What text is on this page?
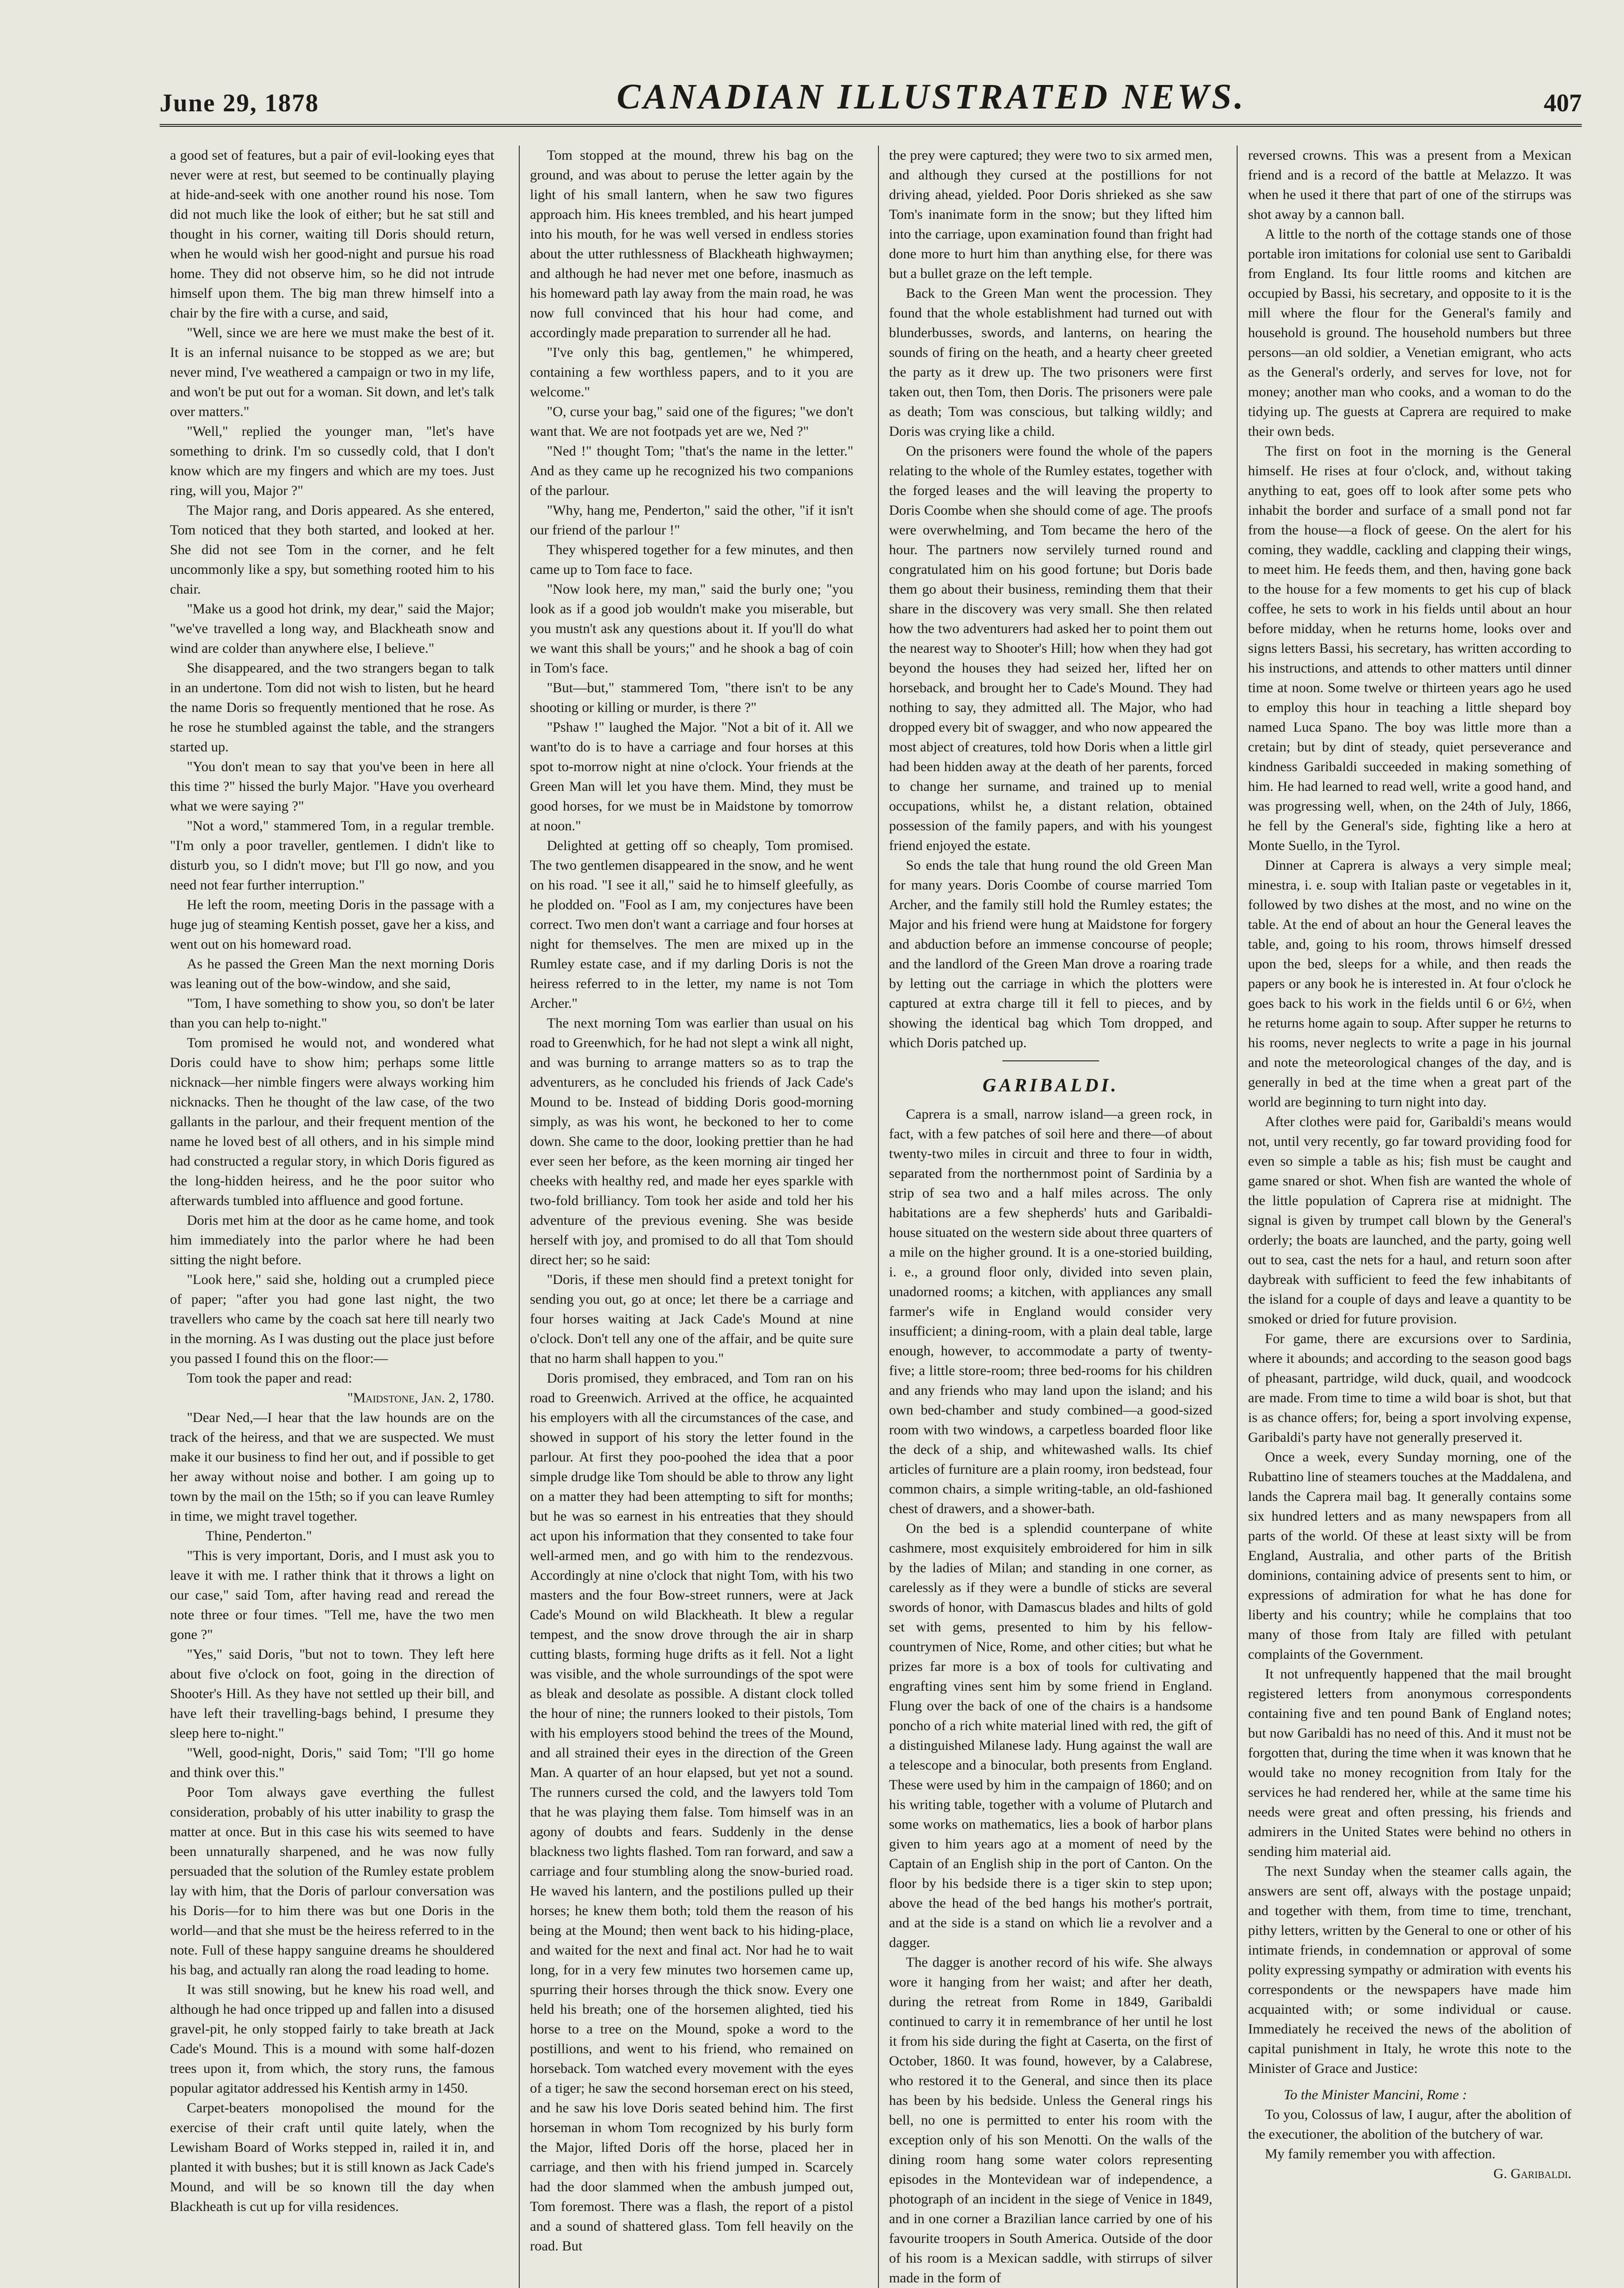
June 29, 1878	CANADIAN ILLUSTRATED NEWS.	407

a good set of features, but a pair of evil-looking eyes that never were at rest, but seemed to be continually playing at hide-and-seek with one another round his nose. Tom did not much like the look of either; but he sat still and thought in his corner, waiting till Doris should return, when he would wish her good-night and pursue his road home. They did not observe him, so he did not intrude himself upon them. The big man threw himself into a chair by the fire with a curse, and said,

"Well, since we are here we must make the best of it. It is an infernal nuisance to be stopped as we are; but never mind, I've weathered a campaign or two in my life, and won't be put out for a woman. Sit down, and let's talk over matters."

"Well," replied the younger man, "let's have something to drink. I'm so cussedly cold, that I don't know which are my fingers and which are my toes. Just ring, will you, Major ?"

The Major rang, and Doris appeared. As she entered, Tom noticed that they both started, and looked at her. She did not see Tom in the corner, and he felt uncommonly like a spy, but something rooted him to his chair.

"Make us a good hot drink, my dear," said the Major; "we've travelled a long way, and Blackheath snow and wind are colder than anywhere else, I believe."

She disappeared, and the two strangers began to talk in an undertone. Tom did not wish to listen, but he heard the name Doris so frequently mentioned that he rose. As he rose he stumbled against the table, and the strangers started up.

"You don't mean to say that you've been in here all this time ?" hissed the burly Major. "Have you overheard what we were saying ?"

"Not a word," stammered Tom, in a regular tremble. "I'm only a poor traveller, gentlemen. I didn't like to disturb you, so I didn't move; but I'll go now, and you need not fear further interruption."

He left the room, meeting Doris in the passage with a huge jug of steaming Kentish posset, gave her a kiss, and went out on his homeward road.

As he passed the Green Man the next morning Doris was leaning out of the bow-window, and she said,

"Tom, I have something to show you, so don't be later than you can help to-night."

Tom promised he would not, and wondered what Doris could have to show him; perhaps some little nicknack—her nimble fingers were always working him nicknacks. Then he thought of the law case, of the two gallants in the parlour, and their frequent mention of the name he loved best of all others, and in his simple mind had constructed a regular story, in which Doris figured as the long-hidden heiress, and he the poor suitor who afterwards tumbled into affluence and good fortune.

Doris met him at the door as he came home, and took him immediately into the parlor where he had been sitting the night before.

"Look here," said she, holding out a crumpled piece of paper; "after you had gone last night, the two travellers who came by the coach sat here till nearly two in the morning. As I was dusting out the place just before you passed I found this on the floor:—

Tom took the paper and read:

"Maidstone, Jan. 2, 1780.

"Dear Ned,—I hear that the law hounds are on the track of the heiress, and that we are suspected. We must make it our business to find her out, and if possible to get her away without noise and bother. I am going up to town by the mail on the 15th; so if you can leave Rumley in time, we might travel together.

Thine, Penderton."

"This is very important, Doris, and I must ask you to leave it with me. I rather think that it throws a light on our case," said Tom, after having read and reread the note three or four times. "Tell me, have the two men gone ?"

"Yes," said Doris, "but not to town. They left here about five o'clock on foot, going in the direction of Shooter's Hill. As they have not settled up their bill, and have left their travelling-bags behind, I presume they sleep here to-night."

"Well, good-night, Doris," said Tom; "I'll go home and think over this."

Poor Tom always gave everthing the fullest consideration, probably of his utter inability to grasp the matter at once. But in this case his wits seemed to have been unnaturally sharpened, and he was now fully persuaded that the solution of the Rumley estate problem lay with him, that the Doris of parlour conversation was his Doris—for to him there was but one Doris in the world—and that she must be the heiress referred to in the note. Full of these happy sanguine dreams he shouldered his bag, and actually ran along the road leading to home.

It was still snowing, but he knew his road well, and although he had once tripped up and fallen into a disused gravel-pit, he only stopped fairly to take breath at Jack Cade's Mound. This is a mound with some half-dozen trees upon it, from which, the story runs, the famous popular agitator addressed his Kentish army in 1450.

Carpet-beaters monopolised the mound for the exercise of their craft until quite lately, when the Lewisham Board of Works stepped in, railed it in, and planted it with bushes; but it is still known as Jack Cade's Mound, and will be so known till the day when Blackheath is cut up for villa residences.

Tom stopped at the mound, threw his bag on the ground, and was about to peruse the letter again by the light of his small lantern, when he saw two figures approach him. His knees trembled, and his heart jumped into his mouth, for he was well versed in endless stories about the utter ruthlessness of Blackheath highwaymen; and although he had never met one before, inasmuch as his homeward path lay away from the main road, he was now full convinced that his hour had come, and accordingly made preparation to surrender all he had.

"I've only this bag, gentlemen," he whimpered, containing a few worthless papers, and to it you are welcome."

"O, curse your bag," said one of the figures; "we don't want that. We are not footpads yet are we, Ned ?"

"Ned !" thought Tom; "that's the name in the letter." And as they came up he recognized his two companions of the parlour.

"Why, hang me, Penderton," said the other, "if it isn't our friend of the parlour !"

They whispered together for a few minutes, and then came up to Tom face to face.

"Now look here, my man," said the burly one; "you look as if a good job wouldn't make you miserable, but you mustn't ask any questions about it. If you'll do what we want this shall be yours;" and he shook a bag of coin in Tom's face.

"But—but," stammered Tom, "there isn't to be any shooting or killing or murder, is there ?"

"Pshaw !" laughed the Major. "Not a bit of it. All we want'to do is to have a carriage and four horses at this spot to-morrow night at nine o'clock. Your friends at the Green Man will let you have them. Mind, they must be good horses, for we must be in Maidstone by tomorrow at noon."

Delighted at getting off so cheaply, Tom promised. The two gentlemen disappeared in the snow, and he went on his road. "I see it all," said he to himself gleefully, as he plodded on. "Fool as I am, my conjectures have been correct. Two men don't want a carriage and four horses at night for themselves. The men are mixed up in the Rumley estate case, and if my darling Doris is not the heiress referred to in the letter, my name is not Tom Archer."

The next morning Tom was earlier than usual on his road to Greenwhich, for he had not slept a wink all night, and was burning to arrange matters so as to trap the adventurers, as he concluded his friends of Jack Cade's Mound to be. Instead of bidding Doris good-morning simply, as was his wont, he beckoned to her to come down. She came to the door, looking prettier than he had ever seen her before, as the keen morning air tinged her cheeks with healthy red, and made her eyes sparkle with two-fold brilliancy. Tom took her aside and told her his adventure of the previous evening. She was beside herself with joy, and promised to do all that Tom should direct her; so he said:

"Doris, if these men should find a pretext tonight for sending you out, go at once; let there be a carriage and four horses waiting at Jack Cade's Mound at nine o'clock. Don't tell any one of the affair, and be quite sure that no harm shall happen to you."

Doris promised, they embraced, and Tom ran on his road to Greenwich. Arrived at the office, he acquainted his employers with all the circumstances of the case, and showed in support of his story the letter found in the parlour. At first they poo-poohed the idea that a poor simple drudge like Tom should be able to throw any light on a matter they had been attempting to sift for months; but he was so earnest in his entreaties that they should act upon his information that they consented to take four well-armed men, and go with him to the rendezvous. Accordingly at nine o'clock that night Tom, with his two masters and the four Bow-street runners, were at Jack Cade's Mound on wild Blackheath. It blew a regular tempest, and the snow drove through the air in sharp cutting blasts, forming huge drifts as it fell. Not a light was visible, and the whole surroundings of the spot were as bleak and desolate as possible. A distant clock tolled the hour of nine; the runners looked to their pistols, Tom with his employers stood behind the trees of the Mound, and all strained their eyes in the direction of the Green Man. A quarter of an hour elapsed, but yet not a sound. The runners cursed the cold, and the lawyers told Tom that he was playing them false. Tom himself was in an agony of doubts and fears. Suddenly in the dense blackness two lights flashed. Tom ran forward, and saw a carriage and four stumbling along the snow-buried road. He waved his lantern, and the postilions pulled up their horses; he knew them both; told them the reason of his being at the Mound; then went back to his hiding-place, and waited for the next and final act. Nor had he to wait long, for in a very few minutes two horsemen came up, spurring their horses through the thick snow. Every one held his breath; one of the horsemen alighted, tied his horse to a tree on the Mound, spoke a word to the postillions, and went to his friend, who remained on horseback. Tom watched every movement with the eyes of a tiger; he saw the second horseman erect on his steed, and he saw his love Doris seated behind him. The first horseman in whom Tom recognized by his burly form the Major, lifted Doris off the horse, placed her in carriage, and then with his friend jumped in. Scarcely had the door slammed when the ambush jumped out, Tom foremost. There was a flash, the report of a pistol and a sound of shattered glass. Tom fell heavily on the road. But

the prey were captured; they were two to six armed men, and although they cursed at the postillions for not driving ahead, yielded. Poor Doris shrieked as she saw Tom's inanimate form in the snow; but they lifted him into the carriage, upon examination found than fright had done more to hurt him than anything else, for there was but a bullet graze on the left temple.

Back to the Green Man went the procession. They found that the whole establishment had turned out with blunderbusses, swords, and lanterns, on hearing the sounds of firing on the heath, and a hearty cheer greeted the party as it drew up. The two prisoners were first taken out, then Tom, then Doris. The prisoners were pale as death; Tom was conscious, but talking wildly; and Doris was crying like a child.

On the prisoners were found the whole of the papers relating to the whole of the Rumley estates, together with the forged leases and the will leaving the property to Doris Coombe when she should come of age. The proofs were overwhelming, and Tom became the hero of the hour. The partners now servilely turned round and congratulated him on his good fortune; but Doris bade them go about their business, reminding them that their share in the discovery was very small. She then related how the two adventurers had asked her to point them out the nearest way to Shooter's Hill; how when they had got beyond the houses they had seized her, lifted her on horseback, and brought her to Cade's Mound. They had nothing to say, they admitted all. The Major, who had dropped every bit of swagger, and who now appeared the most abject of creatures, told how Doris when a little girl had been hidden away at the death of her parents, forced to change her surname, and trained up to menial occupations, whilst he, a distant relation, obtained possession of the family papers, and with his youngest friend enjoyed the estate.

So ends the tale that hung round the old Green Man for many years. Doris Coombe of course married Tom Archer, and the family still hold the Rumley estates; the Major and his friend were hung at Maidstone for forgery and abduction before an immense concourse of people; and the landlord of the Green Man drove a roaring trade by letting out the carriage in which the plotters were captured at extra charge till it fell to pieces, and by showing the identical bag which Tom dropped, and which Doris patched up.

GARIBALDI.

Caprera is a small, narrow island—a green rock, in fact, with a few patches of soil here and there—of about twenty-two miles in circuit and three to four in width, separated from the northernmost point of Sardinia by a strip of sea two and a half miles across. The only habitations are a few shepherds' huts and Garibaldi-house situated on the western side about three quarters of a mile on the higher ground. It is a one-storied building, i. e., a ground floor only, divided into seven plain, unadorned rooms; a kitchen, with appliances any small farmer's wife in England would consider very insufficient; a dining-room, with a plain deal table, large enough, however, to accommodate a party of twenty-five; a little store-room; three bed-rooms for his children and any friends who may land upon the island; and his own bed-chamber and study combined—a good-sized room with two windows, a carpetless boarded floor like the deck of a ship, and whitewashed walls. Its chief articles of furniture are a plain roomy, iron bedstead, four common chairs, a simple writing-table, an old-fashioned chest of drawers, and a shower-bath.

On the bed is a splendid counterpane of white cashmere, most exquisitely embroidered for him in silk by the ladies of Milan; and standing in one corner, as carelessly as if they were a bundle of sticks are several swords of honor, with Damascus blades and hilts of gold set with gems, presented to him by his fellow-countrymen of Nice, Rome, and other cities; but what he prizes far more is a box of tools for cultivating and engrafting vines sent him by some friend in England. Flung over the back of one of the chairs is a handsome poncho of a rich white material lined with red, the gift of a distinguished Milanese lady. Hung against the wall are a telescope and a binocular, both presents from England. These were used by him in the campaign of 1860; and on his writing table, together with a volume of Plutarch and some works on mathematics, lies a book of harbor plans given to him years ago at a moment of need by the Captain of an English ship in the port of Canton. On the floor by his bedside there is a tiger skin to step upon; above the head of the bed hangs his mother's portrait, and at the side is a stand on which lie a revolver and a dagger.

The dagger is another record of his wife. She always wore it hanging from her waist; and after her death, during the retreat from Rome in 1849, Garibaldi continued to carry it in remembrance of her until he lost it from his side during the fight at Caserta, on the first of October, 1860. It was found, however, by a Calabrese, who restored it to the General, and since then its place has been by his bedside. Unless the General rings his bell, no one is permitted to enter his room with the exception only of his son Menotti. On the walls of the dining room hang some water colors representing episodes in the Montevidean war of independence, a photograph of an incident in the siege of Venice in 1849, and in one corner a Brazilian lance carried by one of his favourite troopers in South America. Outside of the door of his room is a Mexican saddle, with stirrups of silver made in the form of

reversed crowns. This was a present from a Mexican friend and is a record of the battle at Melazzo. It was when he used it there that part of one of the stirrups was shot away by a cannon ball.

A little to the north of the cottage stands one of those portable iron imitations for colonial use sent to Garibaldi from England. Its four little rooms and kitchen are occupied by Bassi, his secretary, and opposite to it is the mill where the flour for the General's family and household is ground. The household numbers but three persons—an old soldier, a Venetian emigrant, who acts as the General's orderly, and serves for love, not for money; another man who cooks, and a woman to do the tidying up. The guests at Caprera are required to make their own beds.

The first on foot in the morning is the General himself. He rises at four o'clock, and, without taking anything to eat, goes off to look after some pets who inhabit the border and surface of a small pond not far from the house—a flock of geese. On the alert for his coming, they waddle, cackling and clapping their wings, to meet him. He feeds them, and then, having gone back to the house for a few moments to get his cup of black coffee, he sets to work in his fields until about an hour before midday, when he returns home, looks over and signs letters Bassi, his secretary, has written according to his instructions, and attends to other matters until dinner time at noon. Some twelve or thirteen years ago he used to employ this hour in teaching a little shepard boy named Luca Spano. The boy was little more than a cretain; but by dint of steady, quiet perseverance and kindness Garibaldi succeeded in making something of him. He had learned to read well, write a good hand, and was progressing well, when, on the 24th of July, 1866, he fell by the General's side, fighting like a hero at Monte Suello, in the Tyrol.

Dinner at Caprera is always a very simple meal; minestra, i. e. soup with Italian paste or vegetables in it, followed by two dishes at the most, and no wine on the table. At the end of about an hour the General leaves the table, and, going to his room, throws himself dressed upon the bed, sleeps for a while, and then reads the papers or any book he is interested in. At four o'clock he goes back to his work in the fields until 6 or 6½, when he returns home again to soup. After supper he returns to his rooms, never neglects to write a page in his journal and note the meteorological changes of the day, and is generally in bed at the time when a great part of the world are beginning to turn night into day.

After clothes were paid for, Garibaldi's means would not, until very recently, go far toward providing food for even so simple a table as his; fish must be caught and game snared or shot. When fish are wanted the whole of the little population of Caprera rise at midnight. The signal is given by trumpet call blown by the General's orderly; the boats are launched, and the party, going well out to sea, cast the nets for a haul, and return soon after daybreak with sufficient to feed the few inhabitants of the island for a couple of days and leave a quantity to be smoked or dried for future provision.

For game, there are excursions over to Sardinia, where it abounds; and according to the season good bags of pheasant, partridge, wild duck, quail, and woodcock are made. From time to time a wild boar is shot, but that is as chance offers; for, being a sport involving expense, Garibaldi's party have not generally preserved it.

Once a week, every Sunday morning, one of the Rubattino line of steamers touches at the Maddalena, and lands the Caprera mail bag. It generally contains some six hundred letters and as many newspapers from all parts of the world. Of these at least sixty will be from England, Australia, and other parts of the British dominions, containing advice of presents sent to him, or expressions of admiration for what he has done for liberty and his country; while he complains that too many of those from Italy are filled with petulant complaints of the Government.

It not unfrequently happened that the mail brought registered letters from anonymous correspondents containing five and ten pound Bank of England notes; but now Garibaldi has no need of this. And it must not be forgotten that, during the time when it was known that he would take no money recognition from Italy for the services he had rendered her, while at the same time his needs were great and often pressing, his friends and admirers in the United States were behind no others in sending him material aid.

The next Sunday when the steamer calls again, the answers are sent off, always with the postage unpaid; and together with them, from time to time, trenchant, pithy letters, written by the General to one or other of his intimate friends, in condemnation or approval of some polity expressing sympathy or admiration with events his correspondents or the newspapers have made him acquainted with; or some individual or cause. Immediately he received the news of the abolition of capital punishment in Italy, he wrote this note to the Minister of Grace and Justice:

To the Minister Mancini, Rome :

To you, Colossus of law, I augur, after the abolition of the executioner, the abolition of the butchery of war.

My family remember you with affection.

G. Garibaldi.
